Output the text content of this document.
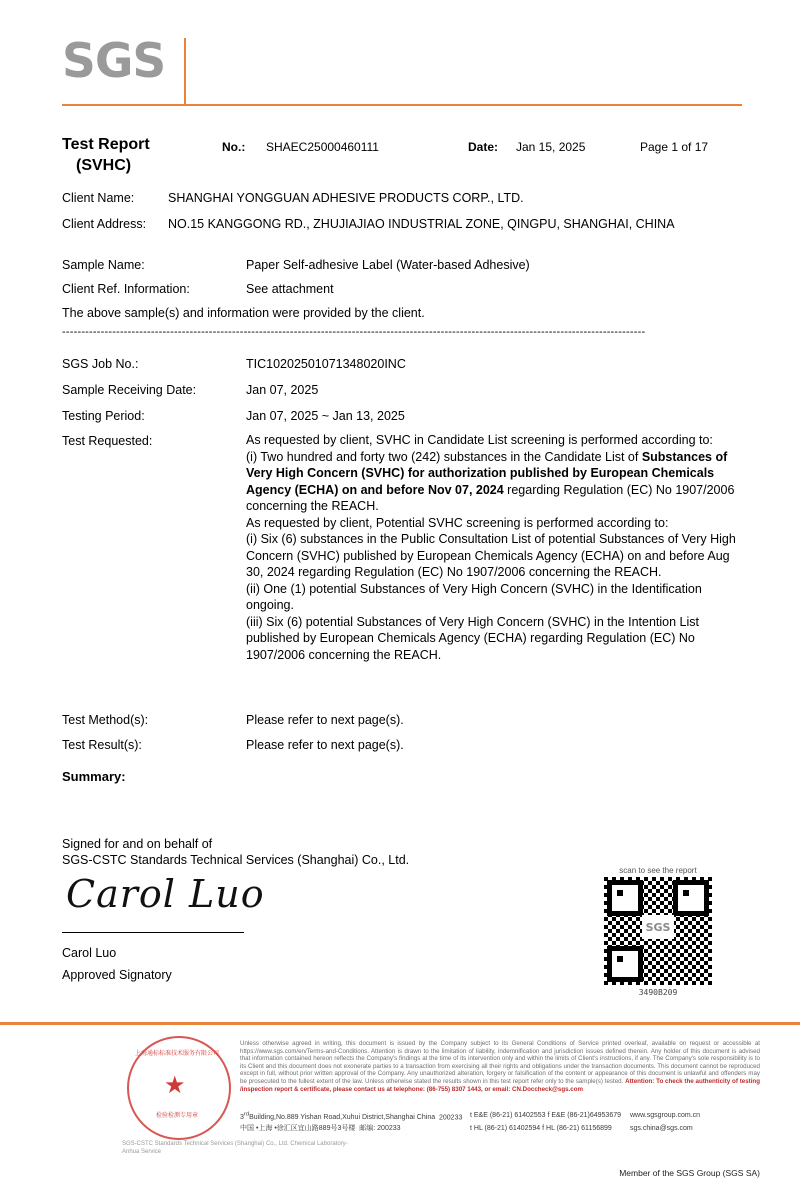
SGS
Test Report
(SVHC)
No.: SHAEC25000460111	Date: Jan 15, 2025	Page 1 of 17
Client Name:	SHANGHAI YONGGUAN ADHESIVE PRODUCTS CORP., LTD.
Client Address: NO.15 KANGGONG RD., ZHUJIAJIAO INDUSTRIAL ZONE, QINGPU, SHANGHAI, CHINA
Sample Name:	Paper Self-adhesive Label (Water-based Adhesive)
Client Ref. Information:	See attachment
The above sample(s) and information were provided by the client.
-------------------------------------------------------------------------------------------------------------------------------------------------------
SGS Job No.:	TIC10202501071348020INC
Sample Receiving Date:	Jan 07, 2025
Testing Period:	Jan 07, 2025 ~ Jan 13, 2025
Test Requested:	As requested by client, SVHC in Candidate List screening is performed according to:

(i) Two hundred and forty two (242) substances in the Candidate List of Substances of Very High Concern (SVHC) for authorization published by European Chemicals Agency (ECHA) on and before Nov 07, 2024 regarding Regulation (EC) No 1907/2006 concerning the REACH.

As requested by client, Potential SVHC screening is performed according to:

(i) Six (6) substances in the Public Consultation List of potential Substances of Very High Concern (SVHC) published by European Chemicals Agency (ECHA) on and before Aug 30, 2024 regarding Regulation (EC) No 1907/2006 concerning the REACH.

(ii) One (1) potential Substances of Very High Concern (SVHC) in the Identification ongoing.

(iii) Six (6) potential Substances of Very High Concern (SVHC) in the Intention List published by European Chemicals Agency (ECHA) regarding Regulation (EC) No 1907/2006 concerning the REACH.

Test Method(s):	Please refer to next page(s).
Test Result(s):	Please refer to next page(s).
Summary:
Signed for and on behalf of
SGS-CSTC Standards Technical Services (Shanghai) Co., Ltd.
Carol Luo
Carol Luo
Approved Signatory
scan to see the report
SGS
3490B209
上海通标标准技术服务有限公司
★
检验检测专用章
SGS-CSTC Standards Technical Services (Shanghai) Co., Ltd. Chemical Laboratory-Anhua Service
Unless otherwise agreed in writing, this document is issued by the Company subject to its General Conditions of Service printed overleaf, available on request or accessible at https://www.sgs.com/en/Terms-and-Conditions. Attention is drawn to the limitation of liability, indemnification and jurisdiction issues defined therein. Any holder of this document is advised that information contained hereon reflects the Company's findings at the time of its intervention only and within the limits of Client's instructions, if any. The Company's sole responsibility is to its Client and this document does not exonerate parties to a transaction from exercising all their rights and obligations under the transaction documents. This document cannot be reproduced except in full, without prior written approval of the Company. Any unauthorized alteration, forgery or falsification of the content or appearance of this document is unlawful and offenders may be prosecuted to the fullest extent of the law. Unless otherwise stated the results shown in this test report refer only to the sample(s) tested. Attention: To check the authenticity of testing /inspection report & certificate, please contact us at telephone: (86-755) 8307 1443, or email: CN.Doccheck@sgs.com
3rdBuilding,No.889 Yishan Road,Xuhui District,Shanghai China 200233	t E&E (86-21) 61402553 f E&E (86-21)64953679	www.sgsgroup.com.cn
中国 •上海 •徐汇区宜山路889号3号楼 邮编: 200233	t HL (86-21) 61402594 f HL (86-21) 61156899	sgs.china@sgs.com
Member of the SGS Group (SGS SA)
